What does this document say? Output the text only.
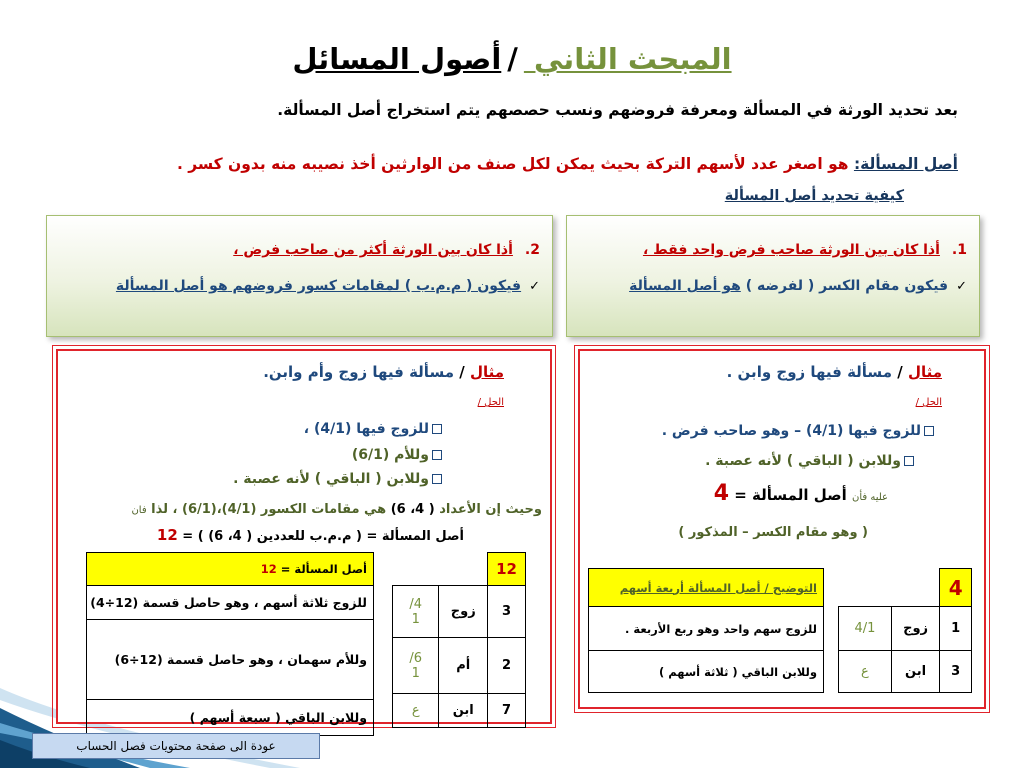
المبحث الثاني /أصول المسائل
بعد تحديد الورثة في المسألة ومعرفة فروضهم ونسب حصصهم يتم استخراج أصل المسألة.
أصل المسألة: هو اصغر عدد لأسهم التركة بحيث يمكن لكل صنف من الوارثين أخذ نصيبه منه بدون كسر .
كيفية تحديد أصل المسألة
1.أذا كان بين الورثة صاحب فرض واحد فقط ،
✓فيكون مقام الكسر ( لفرضه ) هو أصل المسألة
2.أذا كان بين الورثة أكثر من صاحب فرض ،
✓فيكون ( م.م.ب ) لمقامات كسور فروضهم هو أصل المسألة
مثال / مسألة فيها زوج وابن .
الحل /
للزوج فيها (4/1) – وهو صاحب فرض .
وللابن ( الباقي ) لأنه عصبة .
عليه فأن أصل المسألة = 4
( وهو مقام الكسر – المذكور )
التوضيح / أصل المسألة أربعة أسهم
للزوج سهم واحد وهو ربع الأربعة .
وللابن الباقي ( ثلاثة أسهم )
4		
1	زوج	4/1
3	ابن	ع
مثال / مسألة فيها زوج وأم وابن.
الحل /
للزوج فيها (4/1) ،
وللأم (6/1)
وللابن ( الباقي ) لأنه عصبة .
وحيث إن الأعداد ( 4، 6) هي مقامات الكسور (4/1)،(6/1) ، لذا فان
أصل المسألة = ( م.م.ب للعددين ( 4، 6) ) = 12
أصل المسألة = 12
للزوج ثلاثة أسهم ، وهو حاصل قسمة (12÷4)
وللأم سهمان ، وهو حاصل قسمة (12÷6)
وللابن الباقي ( سبعة أسهم )
12		
3	زوج	4/
1
2	أم	6/
1
7	ابن	ع
عودة الى صفحة محتويات فصل الحساب
